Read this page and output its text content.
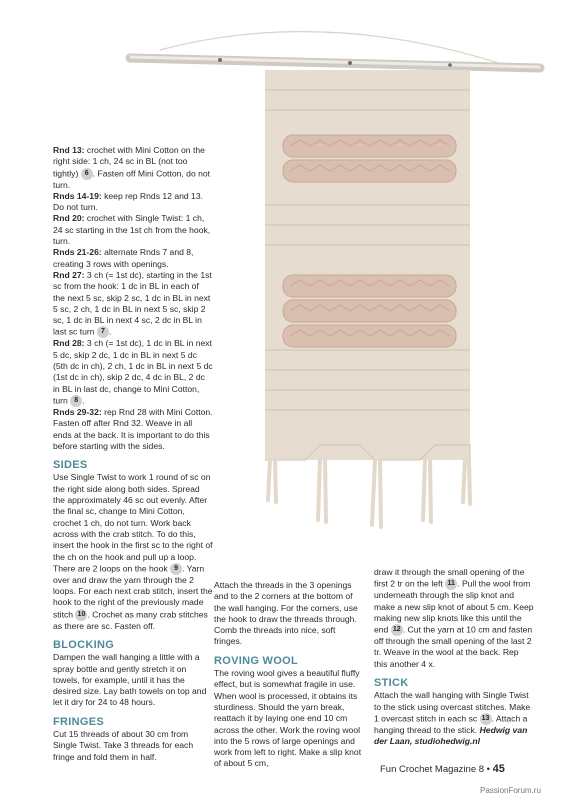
Rnd 13: crochet with Mini Cotton on the right side: 1 ch, 24 sc in BL (not too tightly) 6 . Fasten off Mini Cotton, do not turn.

Rnds 14-19: keep rep Rnds 12 and 13. Do not turn.

Rnd 20: crochet with Single Twist: 1 ch, 24 sc starting in the 1st ch from the hook, turn.

Rnds 21-26: alternate Rnds 7 and 8, creating 3 rows with openings.

Rnd 27: 3 ch (= 1st dc), starting in the 1st sc from the hook: 1 dc in BL in each of the next 5 sc, skip 2 sc, 1 dc in BL in next 5 sc, 2 ch, 1 dc in BL in next 5 sc, skip 2 sc, 1 dc in BL in next 4 sc, 2 dc in BL in last sc turn 7 .

Rnd 28: 3 ch (= 1st dc), 1 dc in BL in next 5 dc, skip 2 dc, 1 dc in BL in next 5 dc (5th dc in ch), 2 ch, 1 dc in BL in next 5 dc (1st dc in ch), skip 2 dc, 4 dc in BL, 2 dc in BL in last dc, change to Mini Cotton, turn 8 .

Rnds 29-32: rep Rnd 28 with Mini Cotton. Fasten off after Rnd 32. Weave in all ends at the back. It is important to do this before starting with the sides.

SIDES

Use Single Twist to work 1 round of sc on the right side along both sides. Spread the approximately 46 sc out evenly. After the final sc, change to Mini Cotton, crochet 1 ch, do not turn. Work back across with the crab stitch. To do this, insert the hook in the first sc to the right of the ch on the hook and pull up a loop. There are 2 loops on the hook 9 . Yarn over and draw the yarn through the 2 loops. For each next crab stitch, insert the hook to the right of the previously made stitch 10 . Crochet as many crab stitches as there are sc. Fasten off.

BLOCKING

Dampen the wall hanging a little with a spray bottle and gently stretch it on towels, for example, until it has the desired size. Lay bath towels on top and let it dry for 24 to 48 hours.

FRINGES

Cut 15 threads of about 30 cm from Single Twist. Take 3 threads for each fringe and fold them in half.

Attach the threads in the 3 openings and to the 2 corners at the bottom of the wall hanging. For the corners, use the hook to draw the threads through. Comb the threads into nice, soft fringes.

ROVING WOOL

The roving wool gives a beautiful fluffy effect, but is somewhat fragile in use. When wool is processed, it obtains its sturdiness. Should the yarn break, reattach it by laying one end 10 cm across the other. Work the roving wool into the 5 rows of large openings and work from left to right. Make a slip knot of about 5 cm,

draw it through the small opening of the first 2 tr on the left 11 . Pull the wool from underneath through the slip knot and make a new slip knot of about 5 cm. Keep making new slip knots like this until the end 12 . Cut the yarn at 10 cm and fasten off through the small opening of the last 2 tr. Weave in the wool at the back. Rep this another 4 x.

STICK

Attach the wall hanging with Single Twist to the stick using overcast stitches. Make 1 overcast stitch in each sc 13 . Attach a hanging thread to the stick. Hedwig van der Laan, studiohedwig.nl

Fun Crochet Magazine 8 • 45
PassionForum.ru
